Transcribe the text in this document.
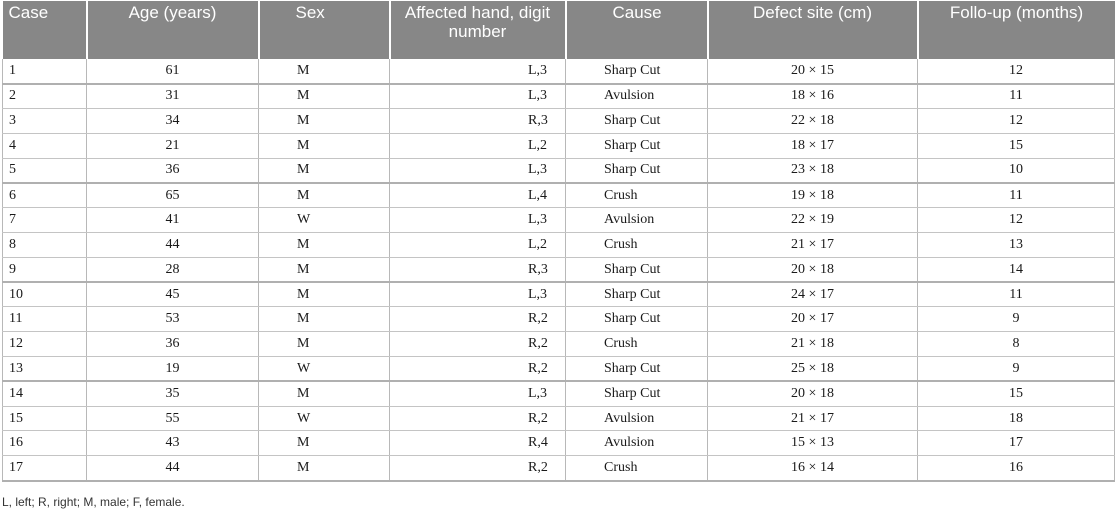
Case	Age (years)	Sex	Affected hand, digit number	Cause	Defect site (cm)	Follo-up (months)
1	61	M	L,3	Sharp Cut	20 × 15	12
2	31	M	L,3	Avulsion	18 × 16	11
3	34	M	R,3	Sharp Cut	22 × 18	12
4	21	M	L,2	Sharp Cut	18 × 17	15
5	36	M	L,3	Sharp Cut	23 × 18	10
6	65	M	L,4	Crush	19 × 18	11
7	41	W	L,3	Avulsion	22 × 19	12
8	44	M	L,2	Crush	21 × 17	13
9	28	M	R,3	Sharp Cut	20 × 18	14
10	45	M	L,3	Sharp Cut	24 × 17	11
11	53	M	R,2	Sharp Cut	20 × 17	9
12	36	M	R,2	Crush	21 × 18	8
13	19	W	R,2	Sharp Cut	25 × 18	9
14	35	M	L,3	Sharp Cut	20 × 18	15
15	55	W	R,2	Avulsion	21 × 17	18
16	43	M	R,4	Avulsion	15 × 13	17
17	44	M	R,2	Crush	16 × 14	16
L, left; R, right; M, male; F, female.
